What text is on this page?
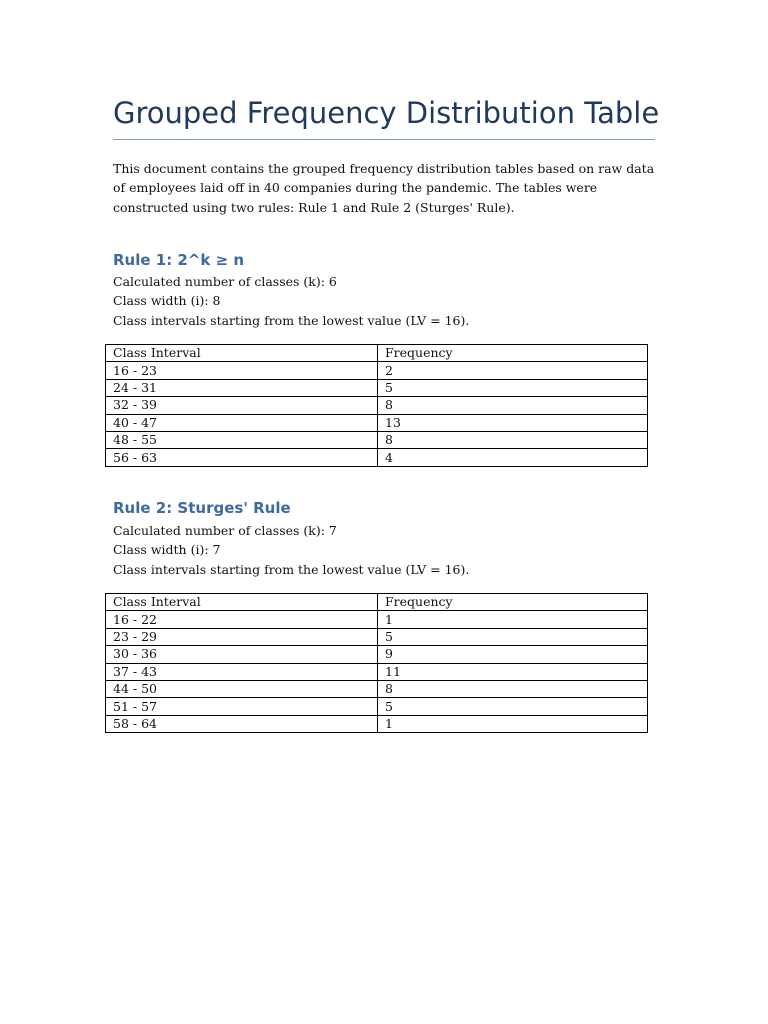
Grouped Frequency Distribution Table

This document contains the grouped frequency distribution tables based on raw data of employees laid off in 40 companies during the pandemic. The tables were constructed using two rules: Rule 1 and Rule 2 (Sturges' Rule).

Rule 1: 2^k ≥ n

Calculated number of classes (k): 6

Class width (i): 8

Class intervals starting from the lowest value (LV = 16).

Class Interval	Frequency
16 - 23	2
24 - 31	5
32 - 39	8
40 - 47	13
48 - 55	8
56 - 63	4
Rule 2: Sturges' Rule

Calculated number of classes (k): 7

Class width (i): 7

Class intervals starting from the lowest value (LV = 16).

Class Interval	Frequency
16 - 22	1
23 - 29	5
30 - 36	9
37 - 43	11
44 - 50	8
51 - 57	5
58 - 64	1
